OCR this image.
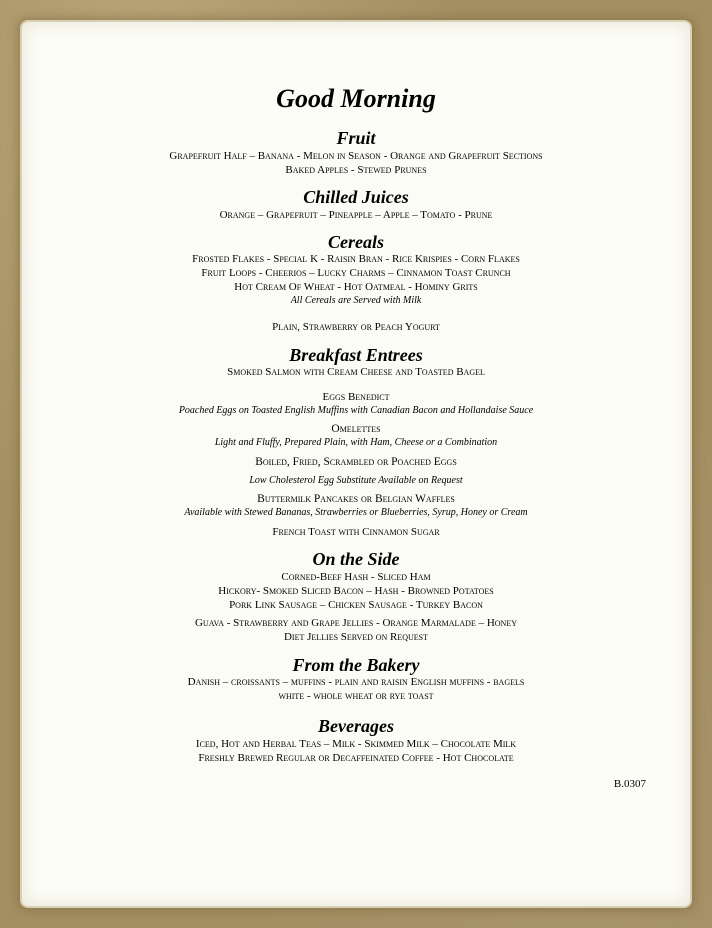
Good Morning
Fruit

Grapefruit Half – Banana - Melon in Season - Orange and Grapefruit Sections

Baked Apples - Stewed Prunes

Chilled Juices

Orange – Grapefruit – Pineapple – Apple – Tomato - Prune

Cereals

Frosted Flakes - Special K - Raisin Bran - Rice Krispies - Corn Flakes

Fruit Loops - Cheerios – Lucky Charms – Cinnamon Toast Crunch

Hot Cream Of Wheat - Hot Oatmeal - Hominy Grits

All Cereals are Served with Milk

Plain, Strawberry or Peach Yogurt

Breakfast Entrees

Smoked Salmon with Cream Cheese and Toasted Bagel

Eggs Benedict

Poached Eggs on Toasted English Muffins with Canadian Bacon and Hollandaise Sauce

Omelettes

Light and Fluffy, Prepared Plain, with Ham, Cheese or a Combination

Boiled, Fried, Scrambled or Poached Eggs

Low Cholesterol Egg Substitute Available on Request

Buttermilk Pancakes or Belgian Waffles

Available with Stewed Bananas, Strawberries or Blueberries, Syrup, Honey or Cream

French Toast with Cinnamon Sugar

On the Side

Corned-Beef Hash - Sliced Ham

Hickory- Smoked Sliced Bacon – Hash - Browned Potatoes

Pork Link Sausage – Chicken Sausage - Turkey Bacon

Guava - Strawberry and Grape Jellies - Orange Marmalade – Honey

Diet Jellies Served on Request

From the Bakery

Danish – croissants – muffins - plain and raisin English muffins - bagels

white - whole wheat or rye toast

Beverages

Iced, Hot and Herbal Teas – Milk - Skimmed Milk – Chocolate Milk

Freshly Brewed Regular or Decaffeinated Coffee - Hot Chocolate

B.0307
